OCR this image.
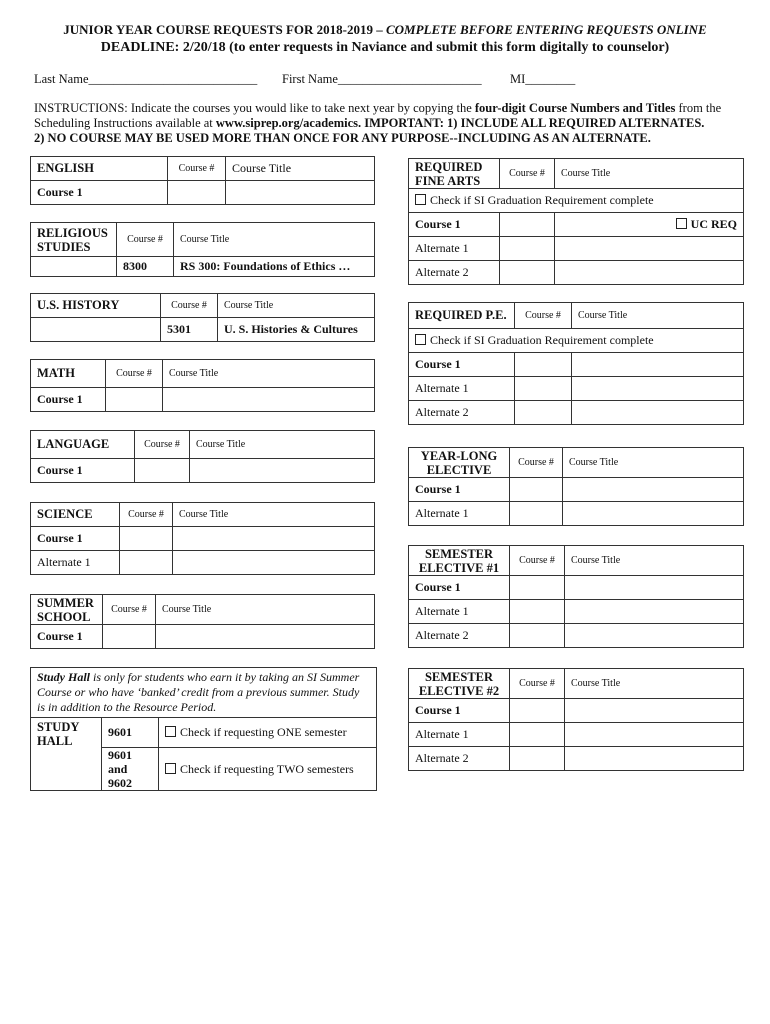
JUNIOR YEAR COURSE REQUESTS FOR 2018-2019 – COMPLETE BEFORE ENTERING REQUESTS ONLINE
DEADLINE: 2/20/18 (to enter requests in Naviance and submit this form digitally to counselor)
Last Name___________________________ First Name_______________________ MI________
INSTRUCTIONS: Indicate the courses you would like to take next year by copying the four-digit Course Numbers and Titles from the Scheduling Instructions available at www.siprep.org/academics. IMPORTANT: 1) INCLUDE ALL REQUIRED ALTERNATES.
2) NO COURSE MAY BE USED MORE THAN ONCE FOR ANY PURPOSE--INCLUDING AS AN ALTERNATE.
ENGLISH	Course #	Course Title
Course 1		
RELIGIOUS STUDIES	Course #	Course Title
	8300	RS 300: Foundations of Ethics …
U.S. HISTORY	Course #	Course Title
	5301	U. S. Histories & Cultures
MATH	Course #	Course Title
Course 1		
LANGUAGE	Course #	Course Title
Course 1		
SCIENCE	Course #	Course Title
Course 1		
Alternate 1		
SUMMER SCHOOL	Course #	Course Title
Course 1		
Study Hall is only for students who earn it by taking an SI Summer Course or who have ‘banked’ credit from a previous summer. Study is in addition to the Resource Period.		
STUDY HALL	9601	Check if requesting ONE semester
	9601 and 9602	Check if requesting TWO semesters
REQUIRED FINE ARTS	Course #	Course Title
Check if SI Graduation Requirement complete		
Course 1		UC REQ
Alternate 1		
Alternate 2		
REQUIRED P.E.	Course #	Course Title
Check if SI Graduation Requirement complete		
Course 1		
Alternate 1		
Alternate 2		
YEAR-LONG ELECTIVE	Course #	Course Title
Course 1		
Alternate 1		
SEMESTER ELECTIVE #1	Course #	Course Title
Course 1		
Alternate 1		
Alternate 2		
SEMESTER ELECTIVE #2	Course #	Course Title
Course 1		
Alternate 1		
Alternate 2		
